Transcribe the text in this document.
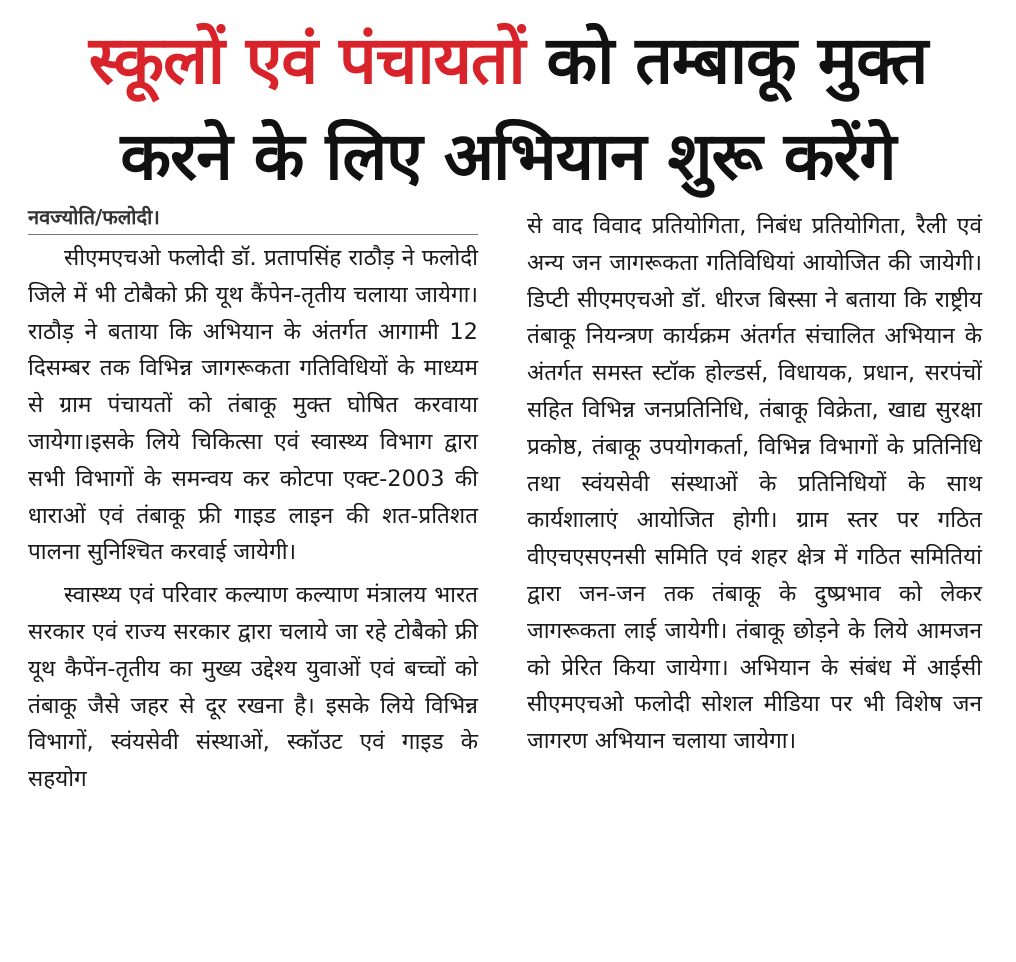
स्कूलों एवं पंचायतों को तम्बाकू मुक्त
करने के लिए अभियान शुरू करेंगे
नवज्योति/फलोदी।

सीएमएचओ फलोदी डॉ. प्रतापसिंह राठौड़ ने फलोदी जिले में भी टोबैको फ्री यूथ कैंपेन-तृतीय चलाया जायेगा। राठौड़ ने बताया कि अभियान के अंतर्गत आगामी 12 दिसम्बर तक विभिन्न जागरूकता गतिविधियों के माध्यम से ग्राम पंचायतों को तंबाकू मुक्त घोषित करवाया जायेगा।इसके लिये चिकित्सा एवं स्वास्थ्य विभाग द्वारा सभी विभागों के समन्वय कर कोटपा एक्ट-2003 की धाराओं एवं तंबाकू फ्री गाइड लाइन की शत-प्रतिशत पालना सुनिश्चित करवाई जायेगी।

स्वास्थ्य एवं परिवार कल्याण कल्याण मंत्रालय भारत सरकार एवं राज्य सरकार द्वारा चलाये जा रहे टोबैको फ्री यूथ कैपेंन-तृतीय का मुख्य उद्देश्य युवाओं एवं बच्चों को तंबाकू जैसे जहर से दूर रखना है। इसके लिये विभिन्न विभागों, स्वंयसेवी संस्थाओं, स्कॉउट एवं गाइड के सहयोग

से वाद विवाद प्रतियोगिता, निबंध प्रतियोगिता, रैली एवं अन्य जन जागरूकता गतिविधियां आयोजित की जायेगी। डिप्टी सीएमएचओ डॉ. धीरज बिस्सा ने बताया कि राष्ट्रीय तंबाकू नियन्त्रण कार्यक्रम अंतर्गत संचालित अभियान के अंतर्गत समस्त स्टॉक होल्डर्स, विधायक, प्रधान, सरपंचों सहित विभिन्न जनप्रतिनिधि, तंबाकू विक्रेता, खाद्य सुरक्षा प्रकोष्ठ, तंबाकू उपयोगकर्ता, विभिन्न विभागों के प्रतिनिधि तथा स्वंयसेवी संस्थाओं के प्रतिनिधियों के साथ कार्यशालाएं आयोजित होगी। ग्राम स्तर पर गठित वीएचएसएनसी समिति एवं शहर क्षेत्र में गठित समितियां द्वारा जन-जन तक तंबाकू के दुष्प्रभाव को लेकर जागरूकता लाई जायेगी। तंबाकू छोड़ने के लिये आमजन को प्रेरित किया जायेगा। अभियान के संबंध में आईसी सीएमएचओ फलोदी सोशल मीडिया पर भी विशेष जन जागरण अभियान चलाया जायेगा।
